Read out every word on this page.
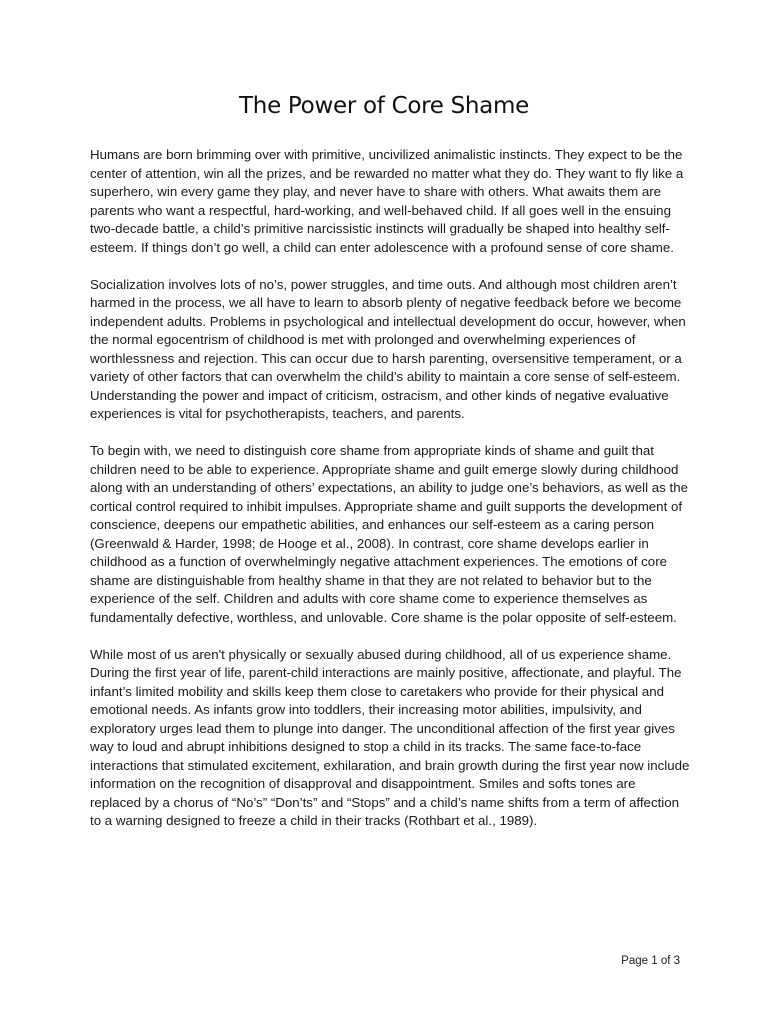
The Power of Core Shame

Humans are born brimming over with primitive, uncivilized animalistic instincts. They expect to be the center of attention, win all the prizes, and be rewarded no matter what they do. They want to fly like a superhero, win every game they play, and never have to share with others. What awaits them are parents who want a respectful, hard-working, and well-behaved child. If all goes well in the ensuing two-decade battle, a child’s primitive narcissistic instincts will gradually be shaped into healthy self-esteem. If things don’t go well, a child can enter adolescence with a profound sense of core shame.

Socialization involves lots of no’s, power struggles, and time outs. And although most children aren’t harmed in the process, we all have to learn to absorb plenty of negative feedback before we become independent adults. Problems in psychological and intellectual development do occur, however, when the normal egocentrism of childhood is met with prolonged and overwhelming experiences of worthlessness and rejection. This can occur due to harsh parenting, oversensitive temperament, or a variety of other factors that can overwhelm the child’s ability to maintain a core sense of self-esteem. Understanding the power and impact of criticism, ostracism, and other kinds of negative evaluative experiences is vital for psychotherapists, teachers, and parents.

To begin with, we need to distinguish core shame from appropriate kinds of shame and guilt that children need to be able to experience. Appropriate shame and guilt emerge slowly during childhood along with an understanding of others’ expectations, an ability to judge one’s behaviors, as well as the cortical control required to inhibit impulses. Appropriate shame and guilt supports the development of conscience, deepens our empathetic abilities, and enhances our self-esteem as a caring person (Greenwald & Harder, 1998; de Hooge et al., 2008). In contrast, core shame develops earlier in childhood as a function of overwhelmingly negative attachment experiences. The emotions of core shame are distinguishable from healthy shame in that they are not related to behavior but to the experience of the self. Children and adults with core shame come to experience themselves as fundamentally defective, worthless, and unlovable. Core shame is the polar opposite of self-esteem.

While most of us aren't physically or sexually abused during childhood, all of us experience shame. During the first year of life, parent-child interactions are mainly positive, affectionate, and playful. The infant’s limited mobility and skills keep them close to caretakers who provide for their physical and emotional needs. As infants grow into toddlers, their increasing motor abilities, impulsivity, and exploratory urges lead them to plunge into danger. The unconditional affection of the first year gives way to loud and abrupt inhibitions designed to stop a child in its tracks. The same face-to-face interactions that stimulated excitement, exhilaration, and brain growth during the first year now include information on the recognition of disapproval and disappointment. Smiles and softs tones are replaced by a chorus of “No’s” “Don’ts” and “Stops” and a child’s name shifts from a term of affection to a warning designed to freeze a child in their tracks (Rothbart et al., 1989).

Page 1 of 3
